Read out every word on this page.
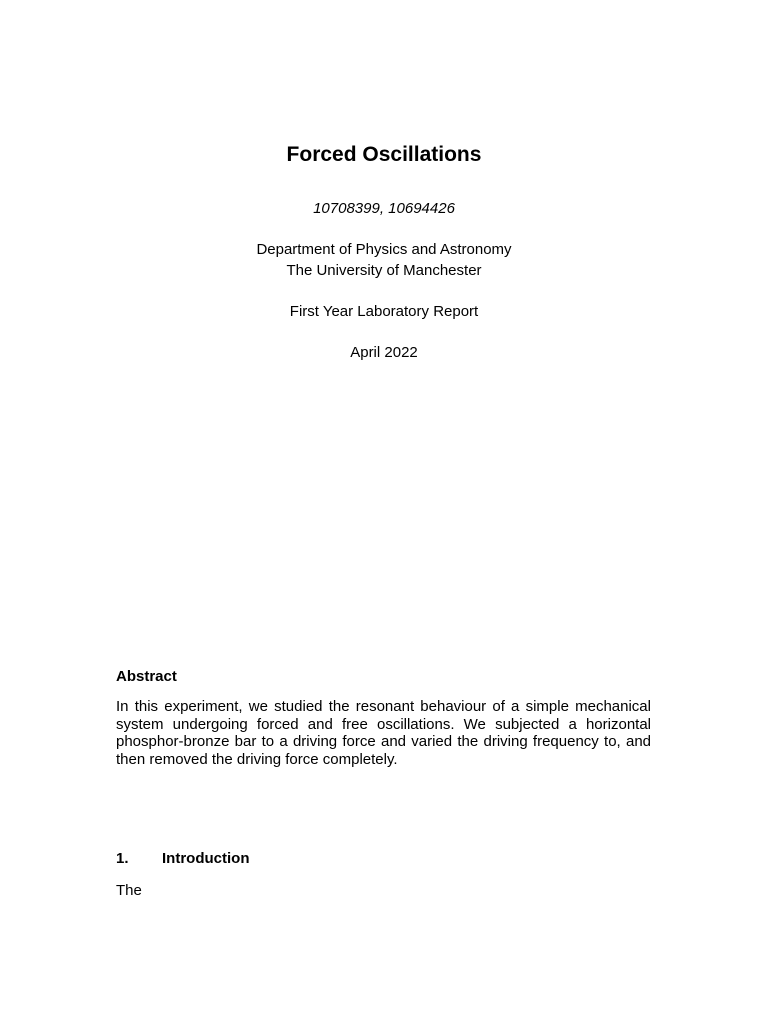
Forced Oscillations

10708399, 10694426

Department of Physics and Astronomy

The University of Manchester

First Year Laboratory Report

April 2022

Abstract

In this experiment, we studied the resonant behaviour of a simple mechanical system undergoing forced and free oscillations. We subjected a horizontal phosphor-bronze bar to a driving force and varied the driving frequency to, and then removed the driving force completely.

1.	Introduction

The
